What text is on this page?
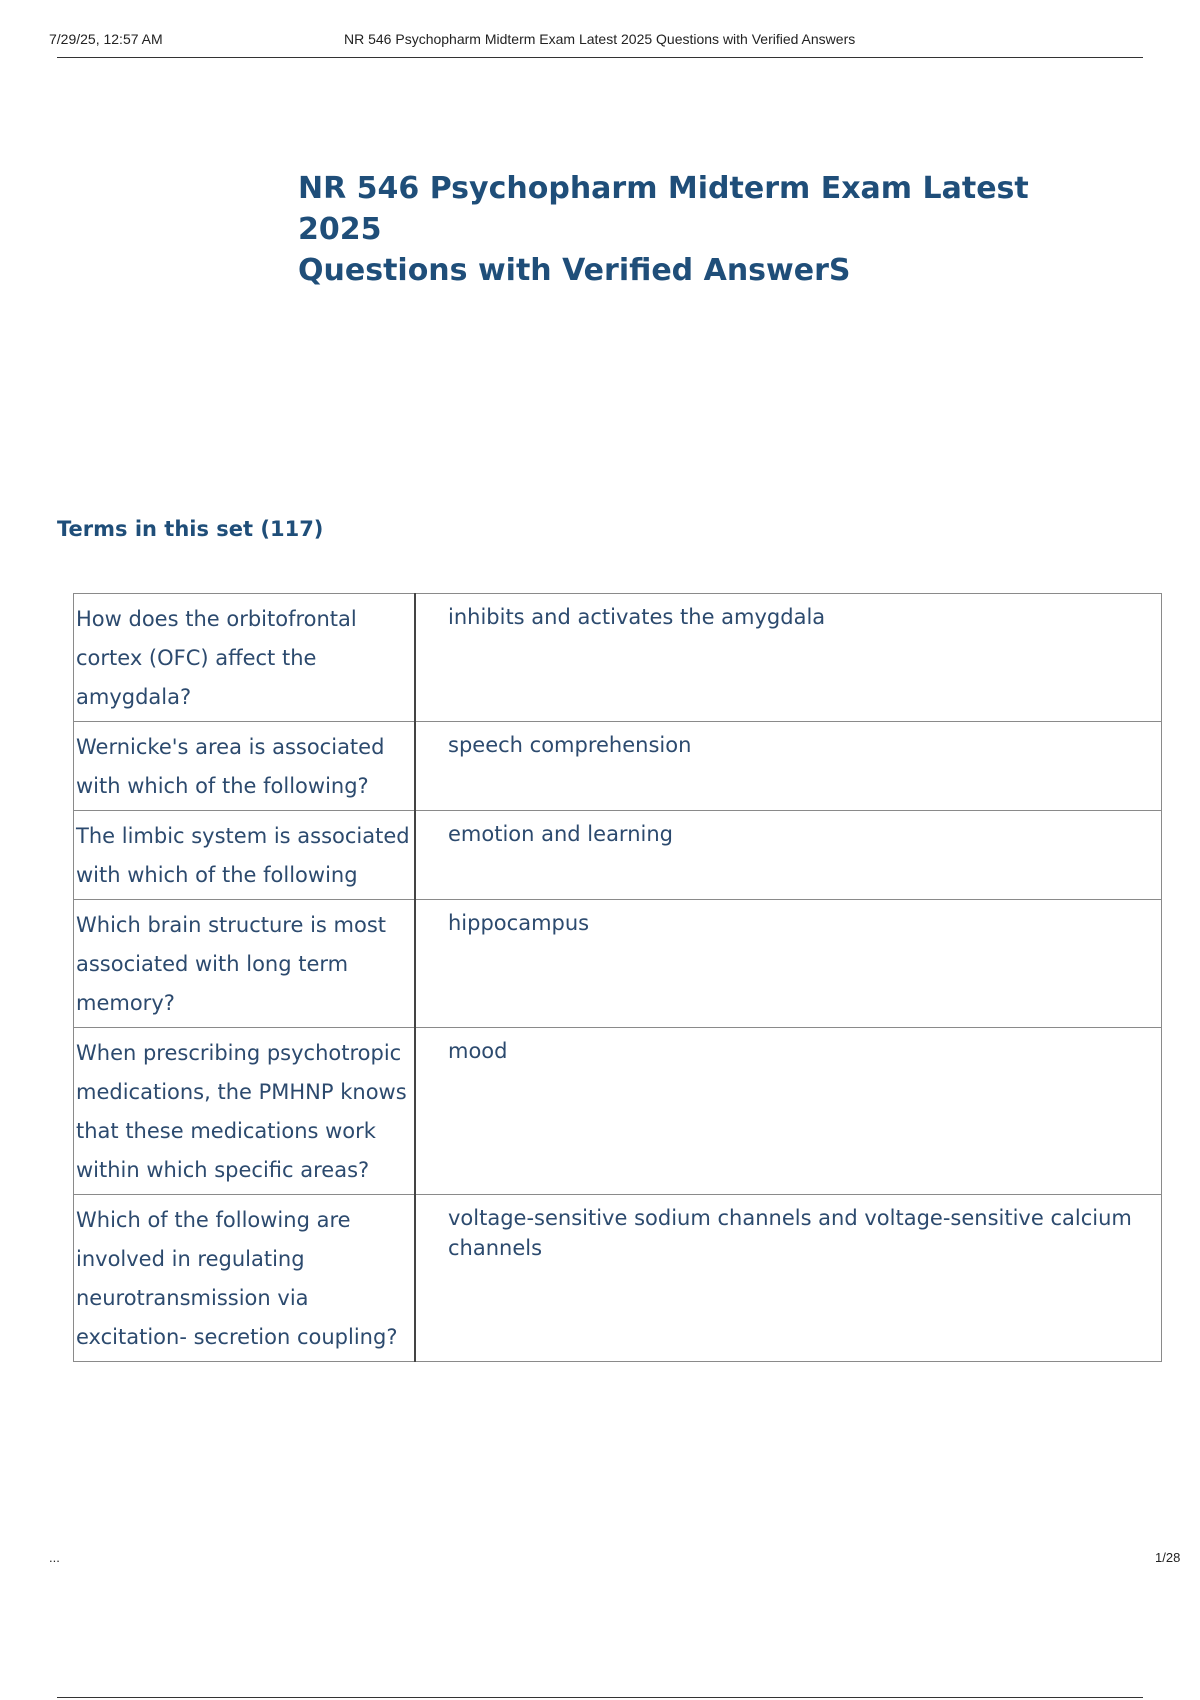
7/29/25, 12:57 AM	NR 546 Psychopharm Midterm Exam Latest 2025 Questions with Verified Answers
NR 546 Psychopharm Midterm Exam Latest 2025
Questions with Verified AnswerS
Terms in this set (117)
How does the orbitofrontal cortex (OFC) affect the amygdala?	inhibits and activates the amygdala
Wernicke's area is associated with which of the following?	speech comprehension
The limbic system is associated with which of the following	emotion and learning
Which brain structure is most associated with long term memory?	hippocampus
When prescribing psychotropic medications, the PMHNP knows that these medications work within which specific areas?	mood
Which of the following are involved in regulating neurotransmission via excitation- secretion coupling?	voltage-sensitive sodium channels and voltage-sensitive calcium channels
...	1/28
